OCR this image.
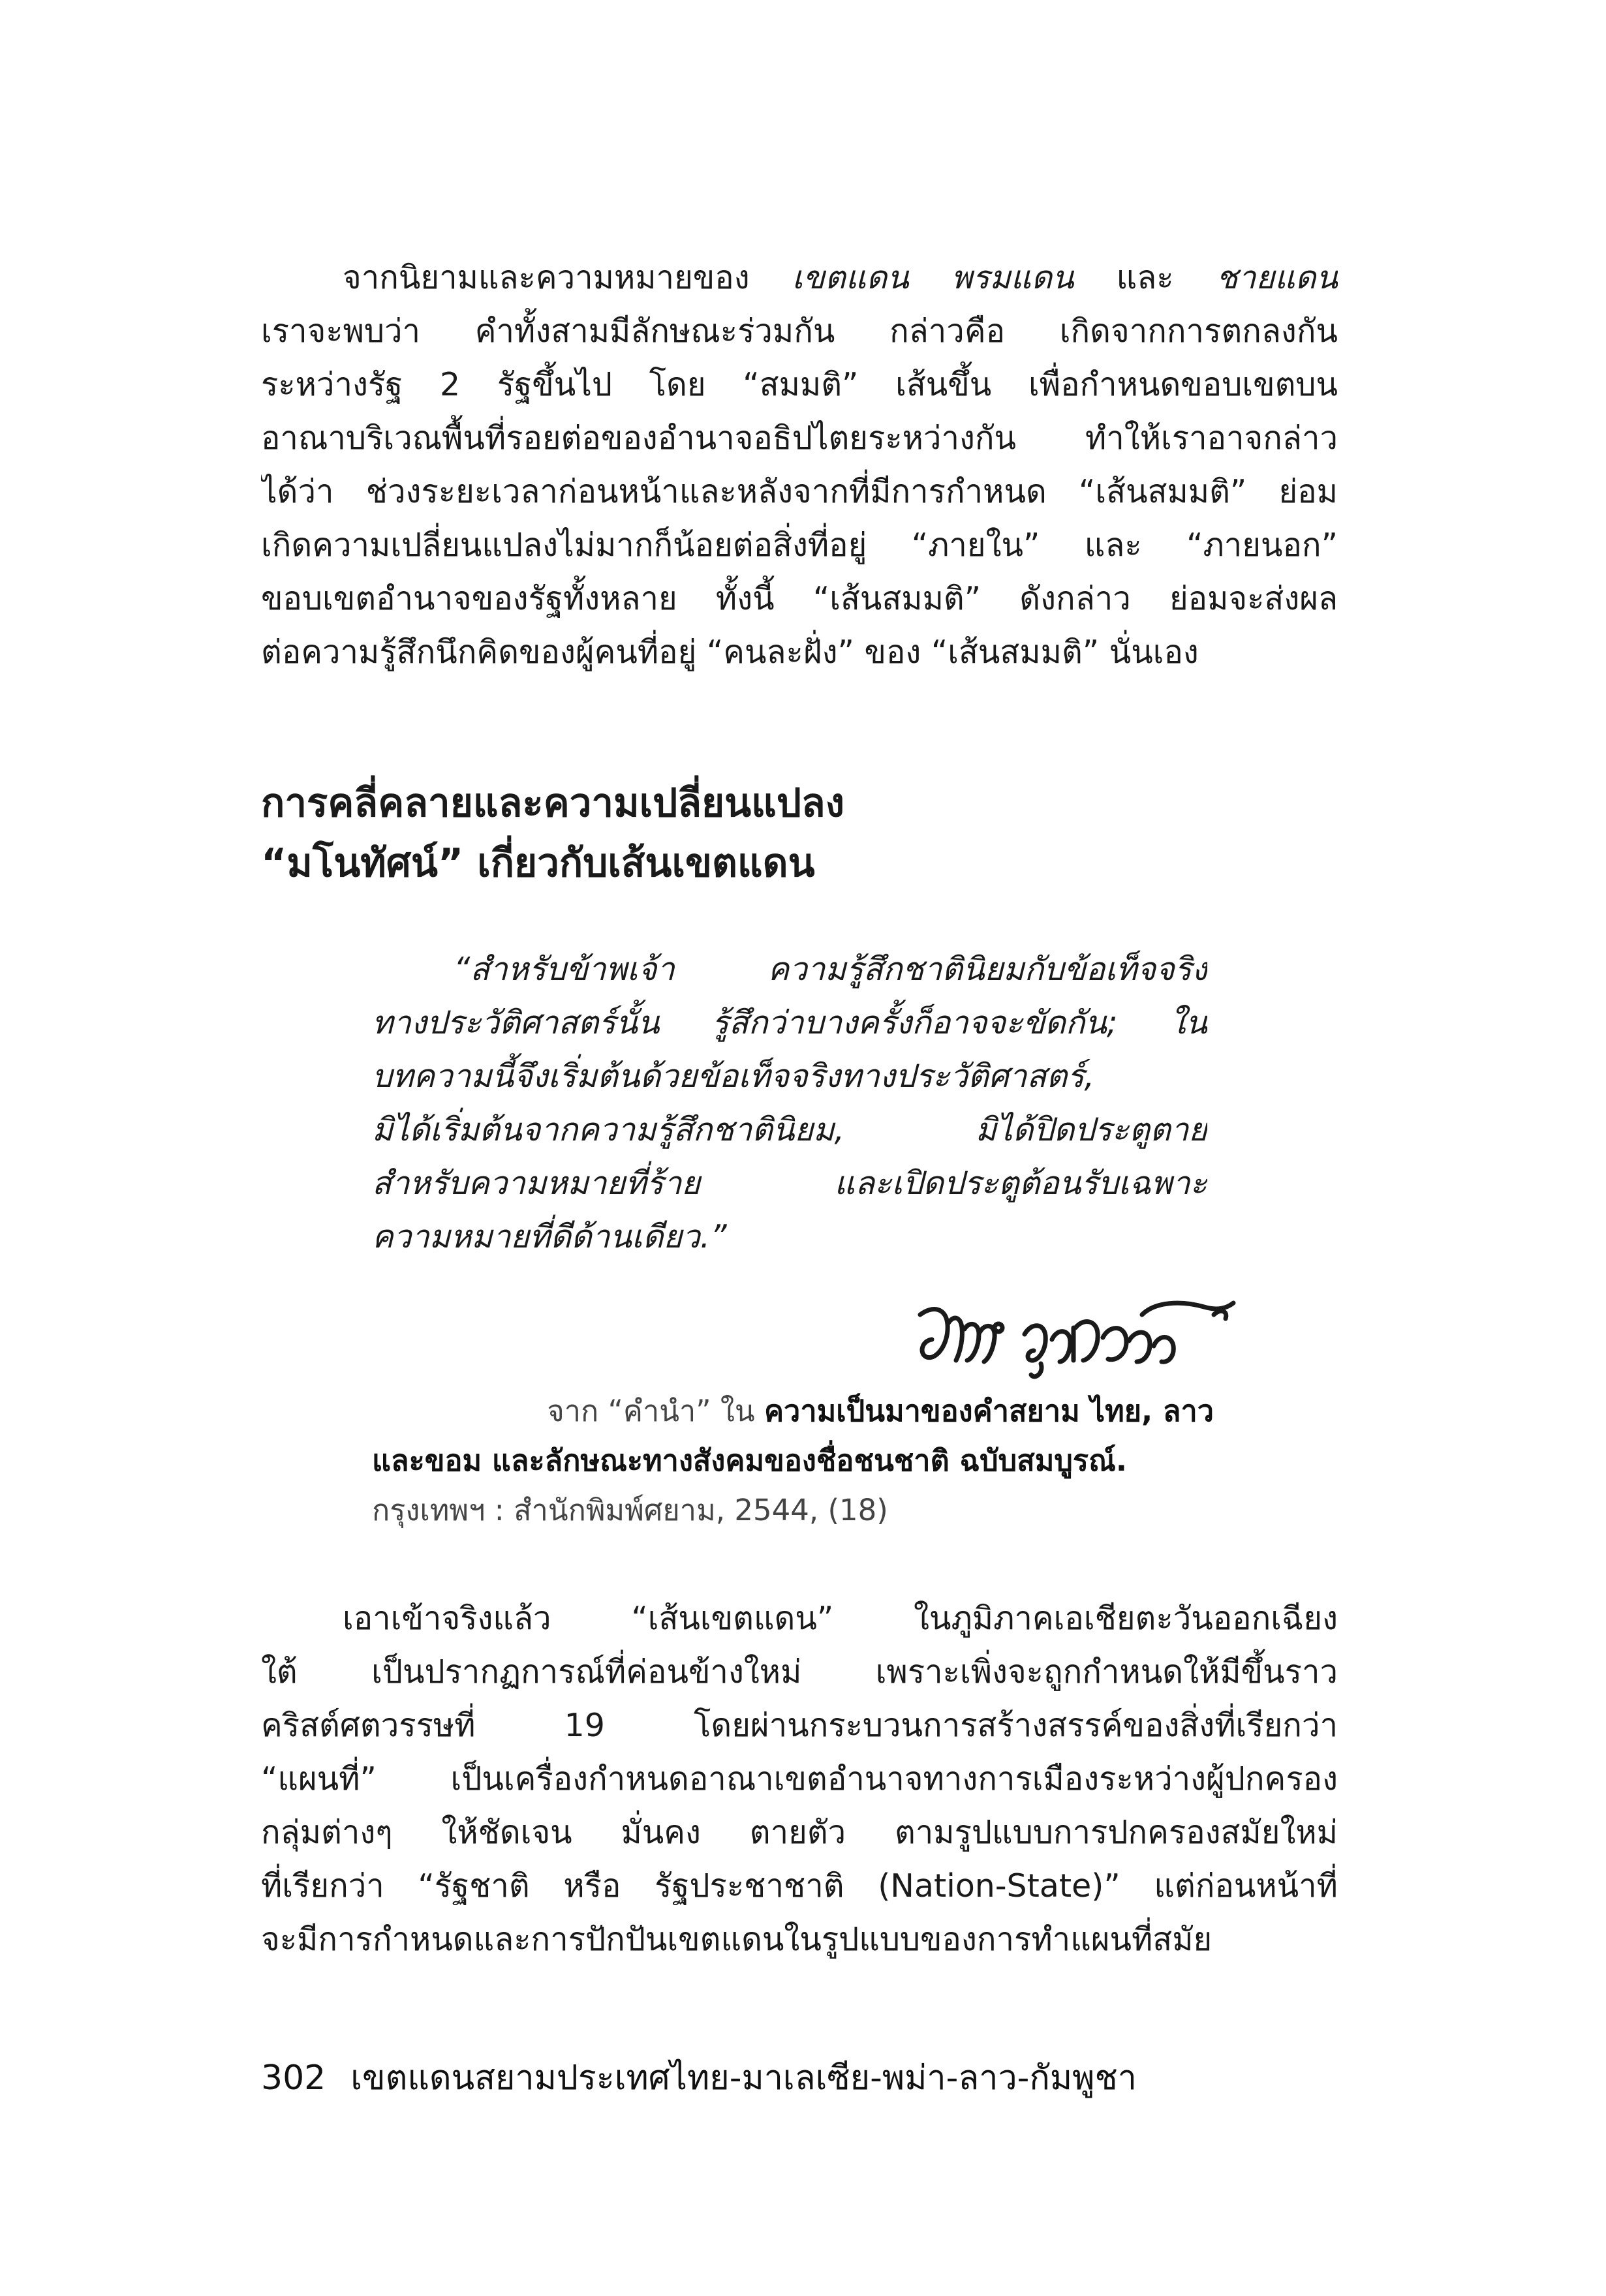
จากนิยามและความหมายของ เขตแดน พรมแดน และ ชายแดน
เราจะพบว่า คำทั้งสามมีลักษณะร่วมกัน กล่าวคือ เกิดจากการตกลงกัน
ระหว่างรัฐ 2 รัฐขึ้นไป โดย “สมมติ” เส้นขึ้น เพื่อกำหนดขอบเขตบน
อาณาบริเวณพื้นที่รอยต่อของอำนาจอธิปไตยระหว่างกัน ทำให้เราอาจกล่าว
ได้ว่า ช่วงระยะเวลาก่อนหน้าและหลังจากที่มีการกำหนด “เส้นสมมติ” ย่อม
เกิดความเปลี่ยนแปลงไม่มากก็น้อยต่อสิ่งที่อยู่ “ภายใน” และ “ภายนอก”
ขอบเขตอำนาจของรัฐทั้งหลาย ทั้งนี้ “เส้นสมมติ” ดังกล่าว ย่อมจะส่งผล
ต่อความรู้สึกนึกคิดของผู้คนที่อยู่ “คนละฝั่ง” ของ “เส้นสมมติ” นั่นเอง

การคลี่คลายและความเปลี่ยนแปลง
“มโนทัศน์” เกี่ยวกับเส้นเขตแดน
“สำหรับข้าพเจ้า ความรู้สึกชาตินิยมกับข้อเท็จจริง
ทางประวัติศาสตร์นั้น รู้สึกว่าบางครั้งก็อาจจะขัดกัน; ใน
บทความนี้จึงเริ่มต้นด้วยข้อเท็จจริงทางประวัติศาสตร์,
มิได้เริ่มต้นจากความรู้สึกชาตินิยม, มิได้ปิดประตูตาย
สำหรับความหมายที่ร้าย และเปิดประตูต้อนรับเฉพาะ
ความหมายที่ดีด้านเดียว.”
จาก “คำนำ” ใน ความเป็นมาของคำสยาม ไทย, ลาว
และขอม และลักษณะทางสังคมของชื่อชนชาติ ฉบับสมบูรณ์.
กรุงเทพฯ : สำนักพิมพ์ศยาม, 2544, (18)

เอาเข้าจริงแล้ว “เส้นเขตแดน” ในภูมิภาคเอเชียตะวันออกเฉียง
ใต้ เป็นปรากฏการณ์ที่ค่อนข้างใหม่ เพราะเพิ่งจะถูกกำหนดให้มีขึ้นราว
คริสต์ศตวรรษที่ 19 โดยผ่านกระบวนการสร้างสรรค์ของสิ่งที่เรียกว่า
“แผนที่” เป็นเครื่องกำหนดอาณาเขตอำนาจทางการเมืองระหว่างผู้ปกครอง
กลุ่มต่างๆ ให้ชัดเจน มั่นคง ตายตัว ตามรูปแบบการปกครองสมัยใหม่
ที่เรียกว่า “รัฐชาติ หรือ รัฐประชาชาติ (Nation-State)” แต่ก่อนหน้าที่
จะมีการกำหนดและการปักปันเขตแดนในรูปแบบของการทำแผนที่สมัย

302 เขตแดนสยามประเทศไทย-มาเลเซีย-พม่า-ลาว-กัมพูชา
